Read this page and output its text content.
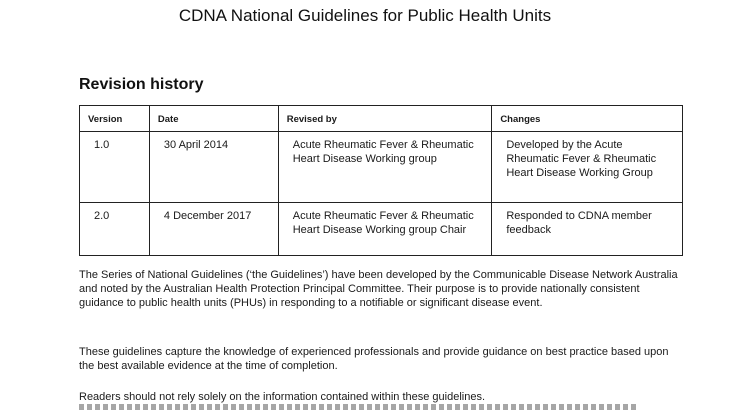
CDNA National Guidelines for Public Health Units
Revision history
Version	Date	Revised by	Changes
1.0	30 April 2014	Acute Rheumatic Fever & Rheumatic Heart Disease Working group	Developed by the Acute Rheumatic Fever & Rheumatic Heart Disease Working Group
2.0	4 December 2017	Acute Rheumatic Fever & Rheumatic Heart Disease Working group Chair	Responded to CDNA member feedback

The Series of National Guidelines (‘the Guidelines’) have been developed by the Communicable Disease Network Australia and noted by the Australian Health Protection Principal Committee. Their purpose is to provide nationally consistent guidance to public health units (PHUs) in responding to a notifiable or significant disease event.

These guidelines capture the knowledge of experienced professionals and provide guidance on best practice based upon the best available evidence at the time of completion.

Readers should not rely solely on the information contained within these guidelines.
